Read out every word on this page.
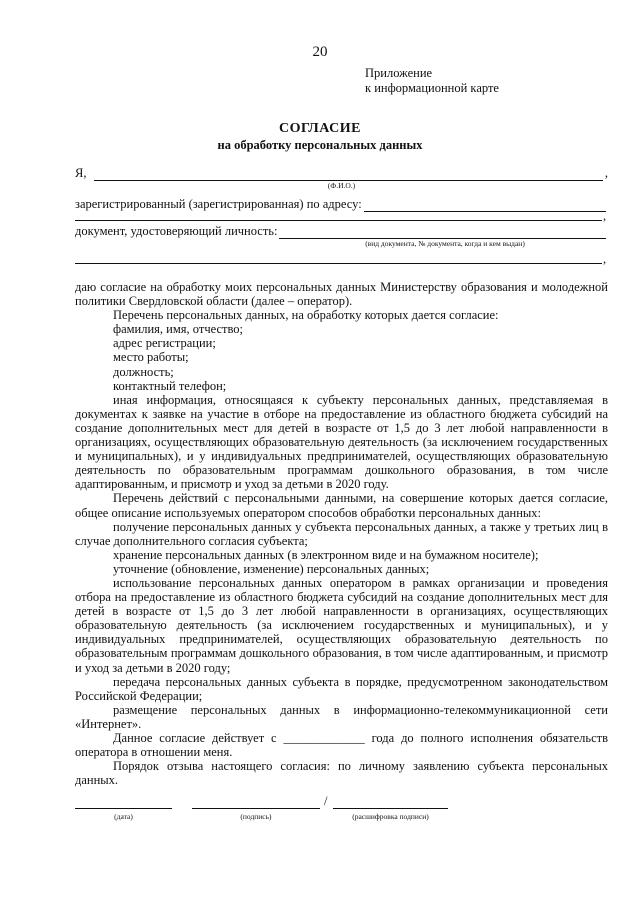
20
Приложение
к информационной карте
СОГЛАСИЕ
на обработку персональных данных
Я,	,
(Ф.И.О.)
зарегистрированный (зарегистрированная) по адресу:
,
документ, удостоверяющий личность:
(вид документа, № документа, когда и кем выдан)
,

даю согласие на обработку моих персональных данных Министерству образования и молодежной политики Свердловской области (далее – оператор).

Перечень персональных данных, на обработку которых дается согласие:

фамилия, имя, отчество;

адрес регистрации;

место работы;

должность;

контактный телефон;

иная информация, относящаяся к субъекту персональных данных, представляемая в документах к заявке на участие в отборе на предоставление из областного бюджета субсидий на создание дополнительных мест для детей в возрасте от 1,5 до 3 лет любой направленности в организациях, осуществляющих образовательную деятельность (за исключением государственных и муниципальных), и у индивидуальных предпринимателей, осуществляющих образовательную деятельность по образовательным программам дошкольного образования, в том числе адаптированным, и присмотр и уход за детьми в 2020 году.

Перечень действий с персональными данными, на совершение которых дается согласие, общее описание используемых оператором способов обработки персональных данных:

получение персональных данных у субъекта персональных данных, а также у третьих лиц в случае дополнительного согласия субъекта;

хранение персональных данных (в электронном виде и на бумажном носителе);

уточнение (обновление, изменение) персональных данных;

использование персональных данных оператором в рамках организации и проведения отбора на предоставление из областного бюджета субсидий на создание дополнительных мест для детей в возрасте от 1,5 до 3 лет любой направленности в организациях, осуществляющих образовательную деятельность (за исключением государственных и муниципальных), и у индивидуальных предпринимателей, осуществляющих образовательную деятельность по образовательным программам дошкольного образования, в том числе адаптированным, и присмотр и уход за детьми в 2020 году;

передача персональных данных субъекта в порядке, предусмотренном законодательством Российской Федерации;

размещение персональных данных в информационно-телекоммуникационной сети «Интернет».

Данное согласие действует с _____________ года до полного исполнения обязательств оператора в отношении меня.

Порядок отзыва настоящего согласия: по личному заявлению субъекта персональных данных.

/
(дата)	(подпись)	(расшифровка подписи)
